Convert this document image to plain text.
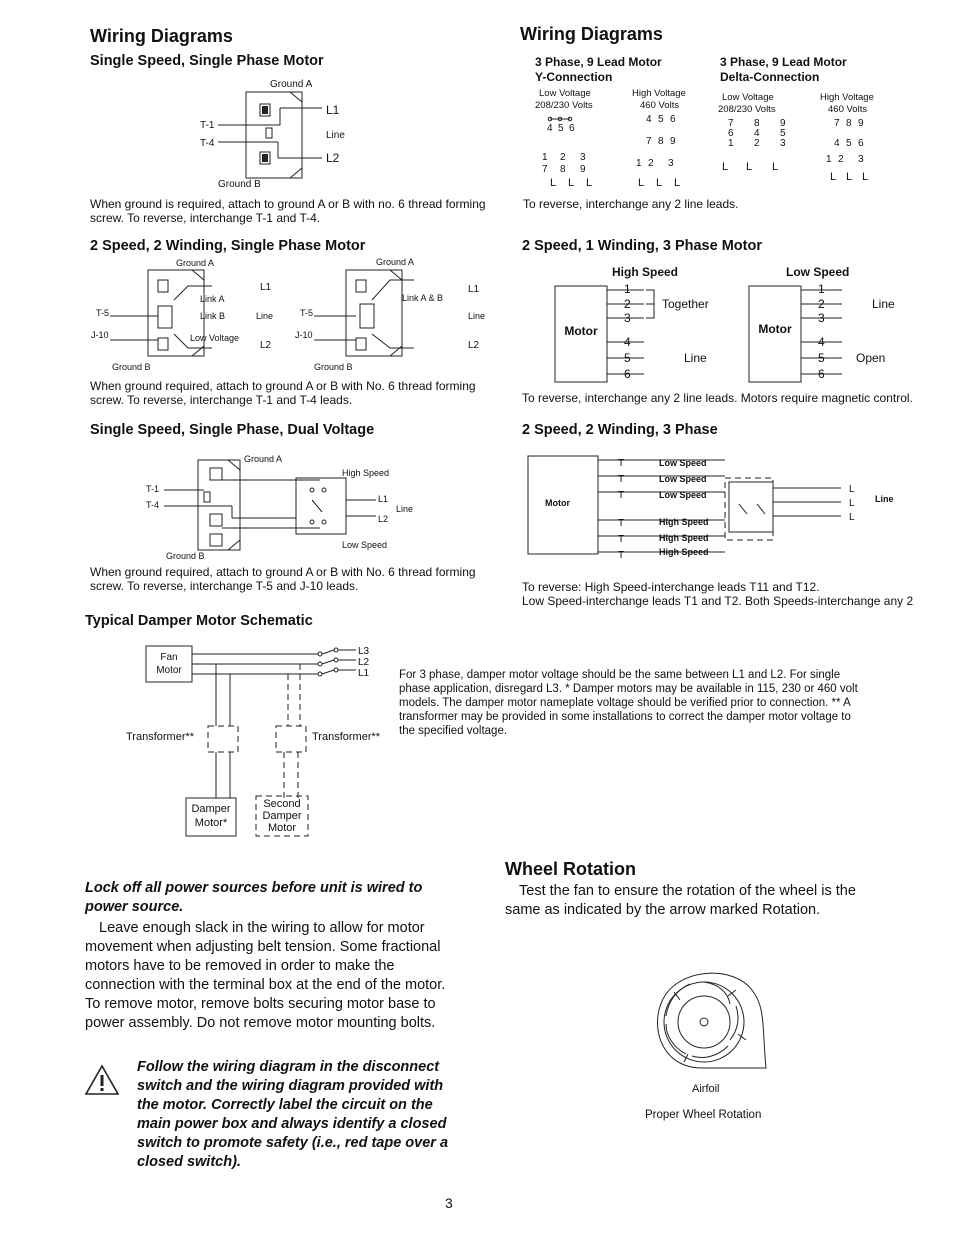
Wiring Diagrams
Single Speed, Single Phase Motor
Ground A
Ground B
T-1
T-4
L1
Line
L2
When ground is required, attach to ground A or B with no. 6 thread forming screw. To reverse, interchange T-1 and T-4.
2 Speed, 2 Winding, Single Phase Motor
Ground A
Ground B
T-5
J-10
Link A
Link B
Low Voltage
Line
L1
L2
Ground A
Ground B
T-5
J-10
Link A & B
Line
L1
L2
When ground required, attach to ground A or B with No. 6 thread forming screw. To reverse, interchange T-1 and T-4 leads.
Single Speed, Single Phase, Dual Voltage
Ground A
Ground B
T-1
T-4
High Speed
Low Speed
L1
Line
L2
When ground required, attach to ground A or B with No. 6 thread forming screw. To reverse, interchange T-5 and J-10 leads.
Typical Damper Motor Schematic
Fan
Motor
L3
L2
L1
Transformer**	Transformer**
Damper
Motor*
Second
Damper
Motor
For 3 phase, damper motor voltage should be the same between L1 and L2. For single phase application, disregard L3. * Damper motors may be available in 115, 230 or 460 volt models. The damper motor nameplate voltage should be verified prior to connection. ** A transformer may be provided in some installations to correct the damper motor voltage to the specified voltage.
Lock off all power sources before unit is wired to power source.
Leave enough slack in the wiring to allow for motor movement when adjusting belt tension. Some fractional motors have to be removed in order to make the connection with the terminal box at the end of the motor. To remove motor, remove bolts securing motor base to power assembly. Do not remove motor mounting bolts.
Follow the wiring diagram in the disconnect switch and the wiring diagram provided with the motor. Correctly label the circuit on the main power box and always identify a closed switch to promote safety (i.e., red tape over a closed switch).
Wiring Diagrams
3 Phase, 9 Lead Motor
Y-Connection
3 Phase, 9 Lead Motor
Delta-Connection
Low Voltage
208/230 Volts
High Voltage
460 Volts
Low Voltage
208/230 Volts
High Voltage
460 Volts
4 5 6
1 2 3
7 8 9
L L L
4 5 6
7 8 9
1 2 3
L L L
7 8 9
6 4 5
1 2 3
L L L
7 8 9
4 5 6
1 2 3
L L L
To reverse, interchange any 2 line leads.
2 Speed, 1 Winding, 3 Phase Motor
High Speed	Low Speed
Motor
1
2
3
4
5
6
Together
Line
Motor
1
2
3
4
5
6
Line
Open
To reverse, interchange any 2 line leads. Motors require magnetic control.
2 Speed, 2 Winding, 3 Phase
Motor
T
T
T
T
T
T
Low Speed
Low Speed
Low Speed
High Speed
High Speed
High Speed
L
L
L
Line
To reverse: High Speed-interchange leads T11 and T12.
Low Speed-interchange leads T1 and T2. Both Speeds-interchange any 2
Wheel Rotation
Test the fan to ensure the rotation of the wheel is the same as indicated by the arrow marked Rotation.
Airfoil
Proper Wheel Rotation
3
